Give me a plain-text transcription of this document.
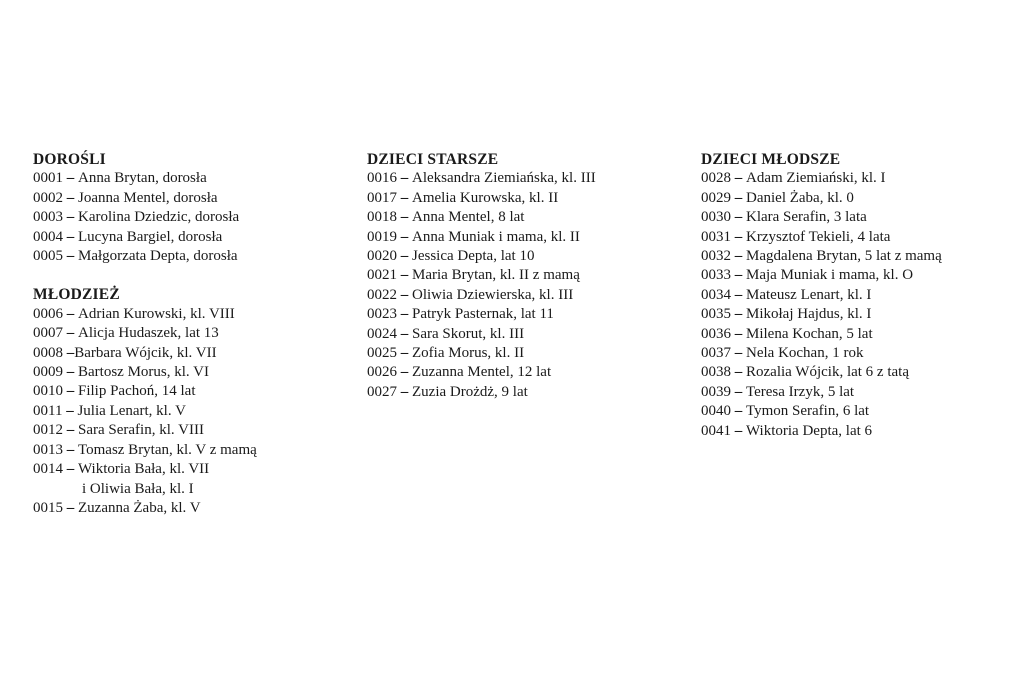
DOROŚLI
0001 – Anna Brytan, dorosła
0002 – Joanna Mentel, dorosła
0003 – Karolina Dziedzic, dorosła
0004 – Lucyna Bargiel, dorosła
0005 – Małgorzata Depta, dorosła
MŁODZIEŻ
0006 – Adrian Kurowski, kl. VIII
0007 – Alicja Hudaszek, lat 13
0008 –Barbara Wójcik, kl. VII
0009 – Bartosz Morus, kl. VI
0010 – Filip Pachoń, 14 lat
0011 – Julia Lenart, kl. V
0012 – Sara Serafin, kl. VIII
0013 – Tomasz Brytan, kl. V z mamą
0014 – Wiktoria Bała, kl. VII
i Oliwia Bała, kl. I
0015 – Zuzanna Żaba, kl. V
DZIECI STARSZE
0016 – Aleksandra Ziemiańska, kl. III
0017 – Amelia Kurowska, kl. II
0018 – Anna Mentel, 8 lat
0019 – Anna Muniak i mama, kl. II
0020 – Jessica Depta, lat 10
0021 – Maria Brytan, kl. II z mamą
0022 – Oliwia Dziewierska, kl. III
0023 – Patryk Pasternak, lat 11
0024 – Sara Skorut, kl. III
0025 – Zofia Morus, kl. II
0026 – Zuzanna Mentel, 12 lat
0027 – Zuzia Drożdż, 9 lat
DZIECI MŁODSZE
0028 – Adam Ziemiański, kl. I
0029 – Daniel Żaba, kl. 0
0030 – Klara Serafin, 3 lata
0031 – Krzysztof Tekieli, 4 lata
0032 – Magdalena Brytan, 5 lat z mamą
0033 – Maja Muniak i mama, kl. O
0034 – Mateusz Lenart, kl. I
0035 – Mikołaj Hajdus, kl. I
0036 – Milena Kochan, 5 lat
0037 – Nela Kochan, 1 rok
0038 – Rozalia Wójcik, lat 6 z tatą
0039 – Teresa Irzyk, 5 lat
0040 – Tymon Serafin, 6 lat
0041 – Wiktoria Depta, lat 6
